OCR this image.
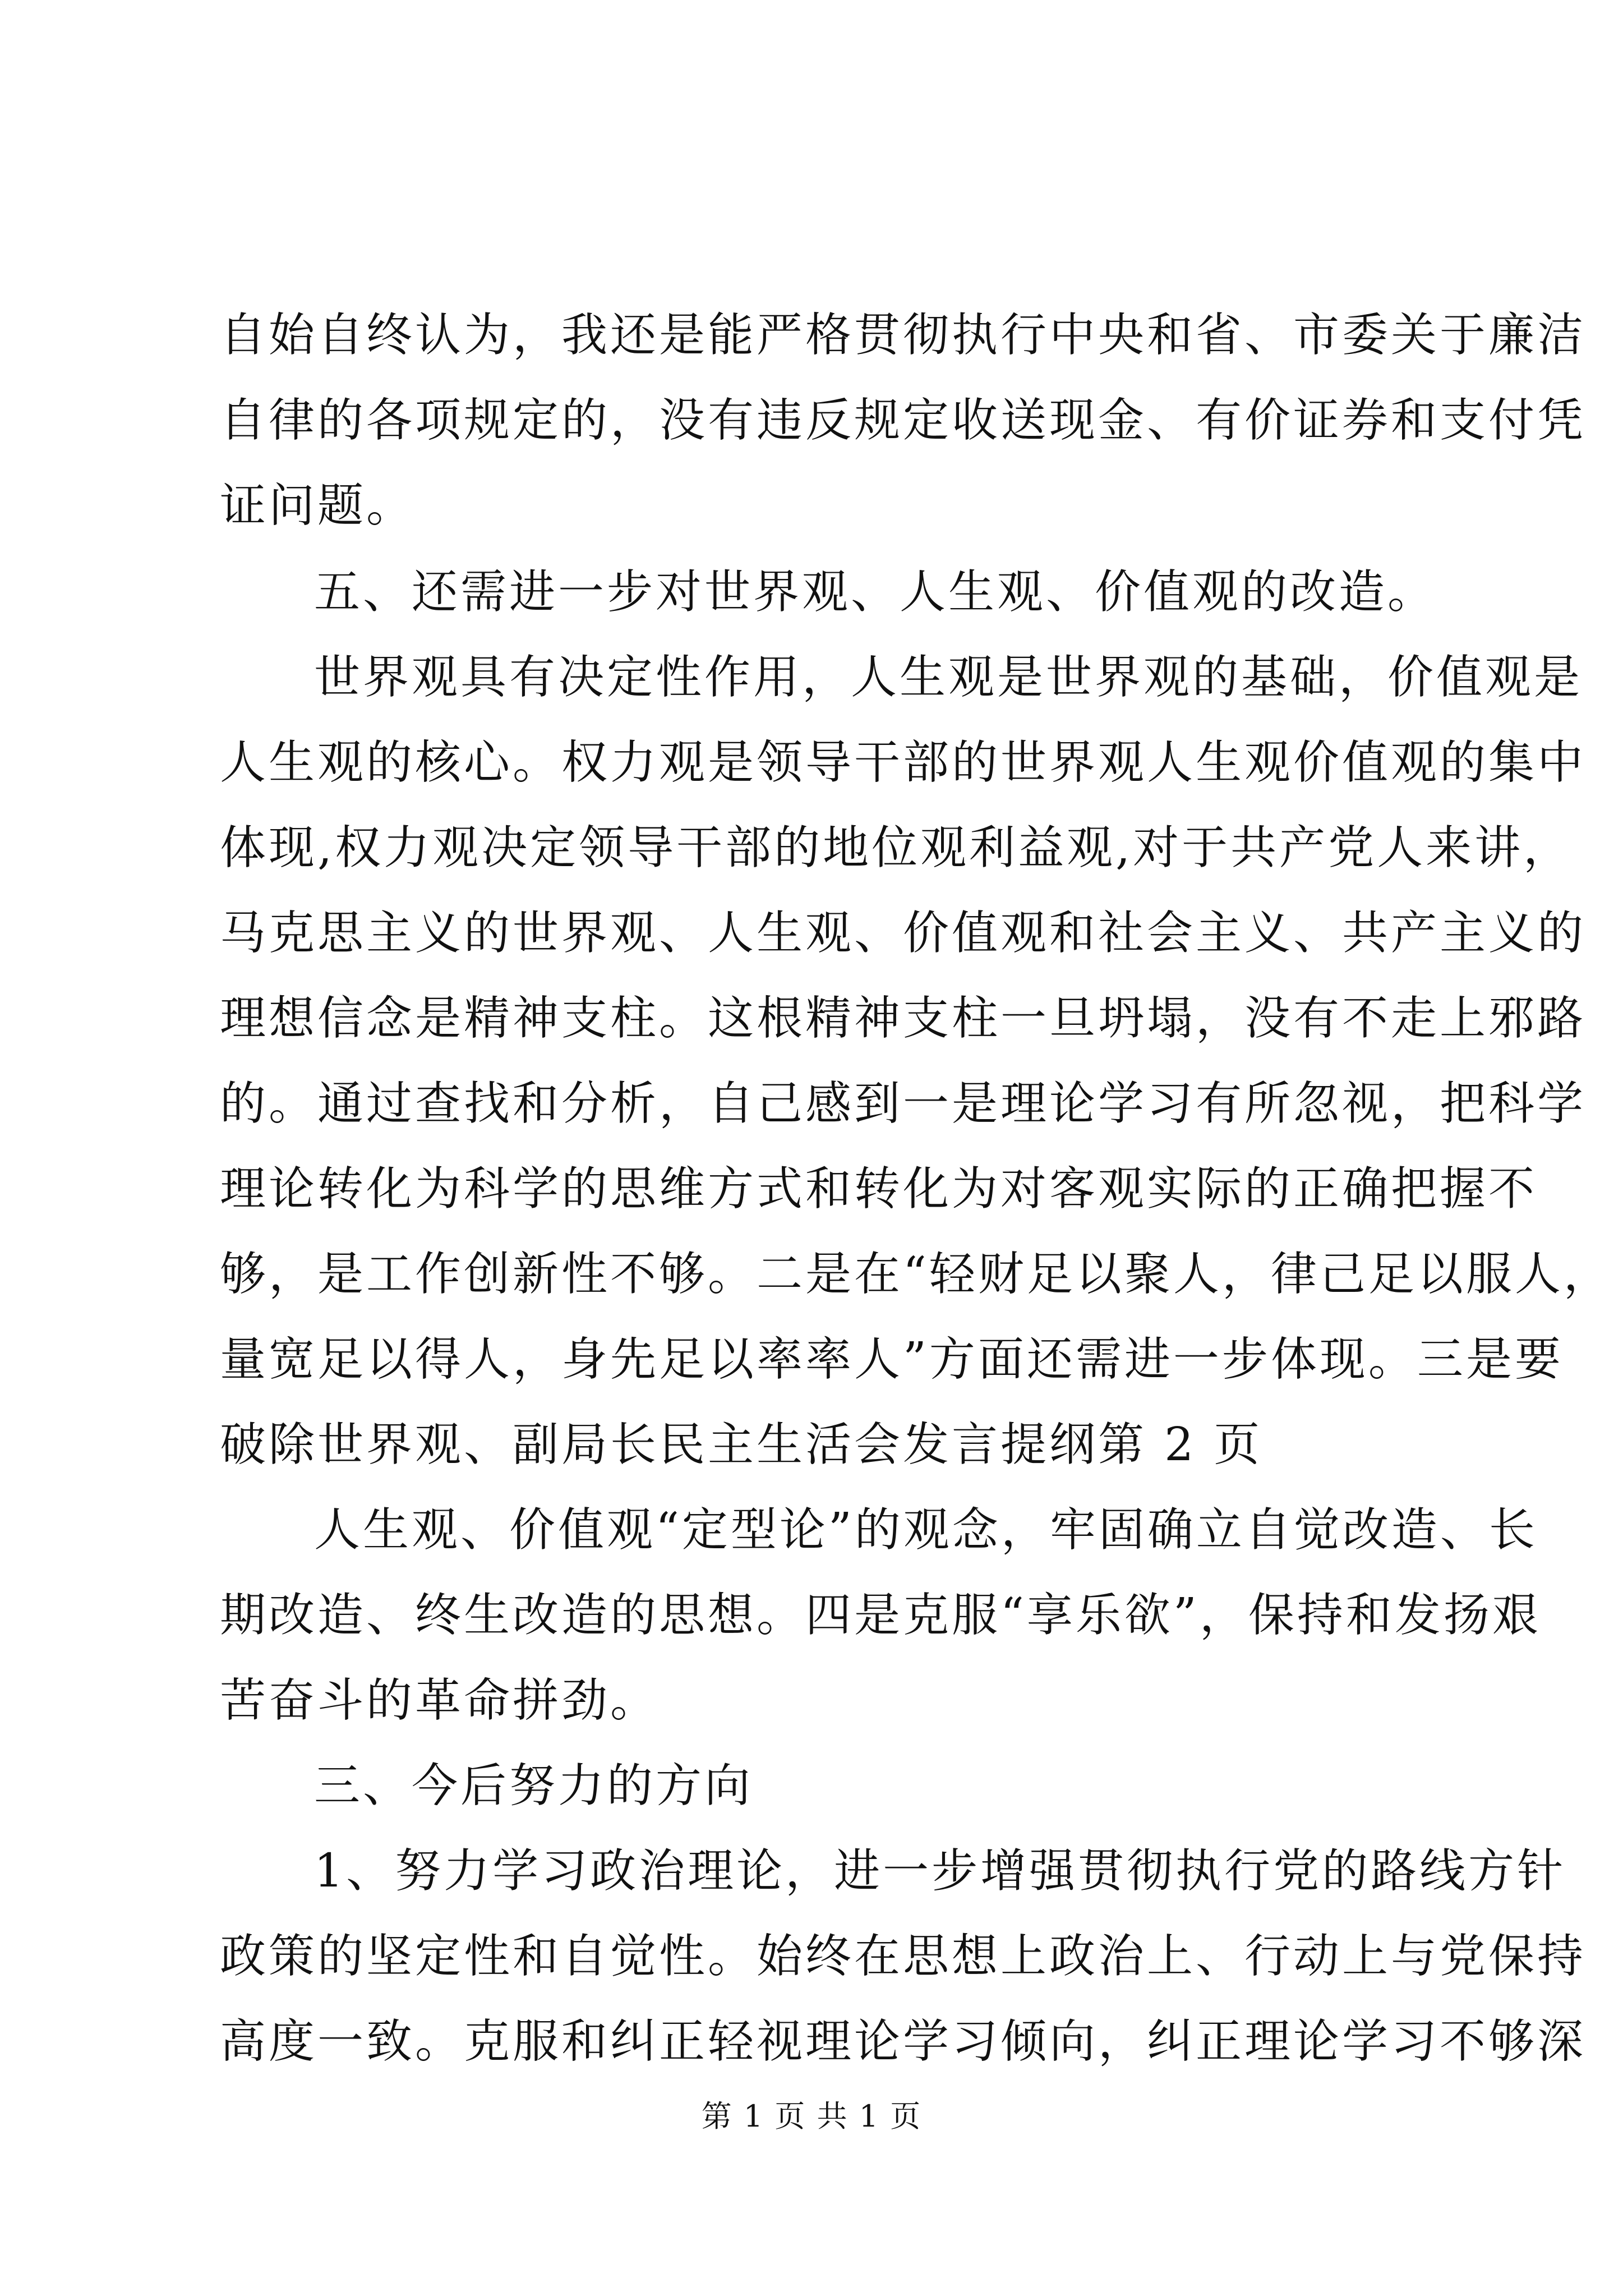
自始自终认为，我还是能严格贯彻执行中央和省、市委关于廉洁
自律的各项规定的，没有违反规定收送现金、有价证券和支付凭
证问题。
五、还需进一步对世界观、人生观、价值观的改造。
世界观具有决定性作用，人生观是世界观的基础，价值观是
人生观的核心。权力观是领导干部的世界观人生观价值观的集中
体现,权力观决定领导干部的地位观利益观,对于共产党人来讲，
马克思主义的世界观、人生观、价值观和社会主义、共产主义的
理想信念是精神支柱。这根精神支柱一旦坍塌，没有不走上邪路
的。通过查找和分析，自己感到一是理论学习有所忽视，把科学
理论转化为科学的思维方式和转化为对客观实际的正确把握不
够，是工作创新性不够。二是在“轻财足以聚人，律己足以服人，
量宽足以得人，身先足以率率人”方面还需进一步体现。三是要
破除世界观、副局长民主生活会发言提纲第 2 页
人生观、价值观“定型论”的观念，牢固确立自觉改造、长
期改造、终生改造的思想。四是克服“享乐欲”，保持和发扬艰
苦奋斗的革命拼劲。
三、今后努力的方向
1、努力学习政治理论，进一步增强贯彻执行党的路线方针
政策的坚定性和自觉性。始终在思想上政治上、行动上与党保持
高度一致。克服和纠正轻视理论学习倾向，纠正理论学习不够深
第 1 页 共 1 页
